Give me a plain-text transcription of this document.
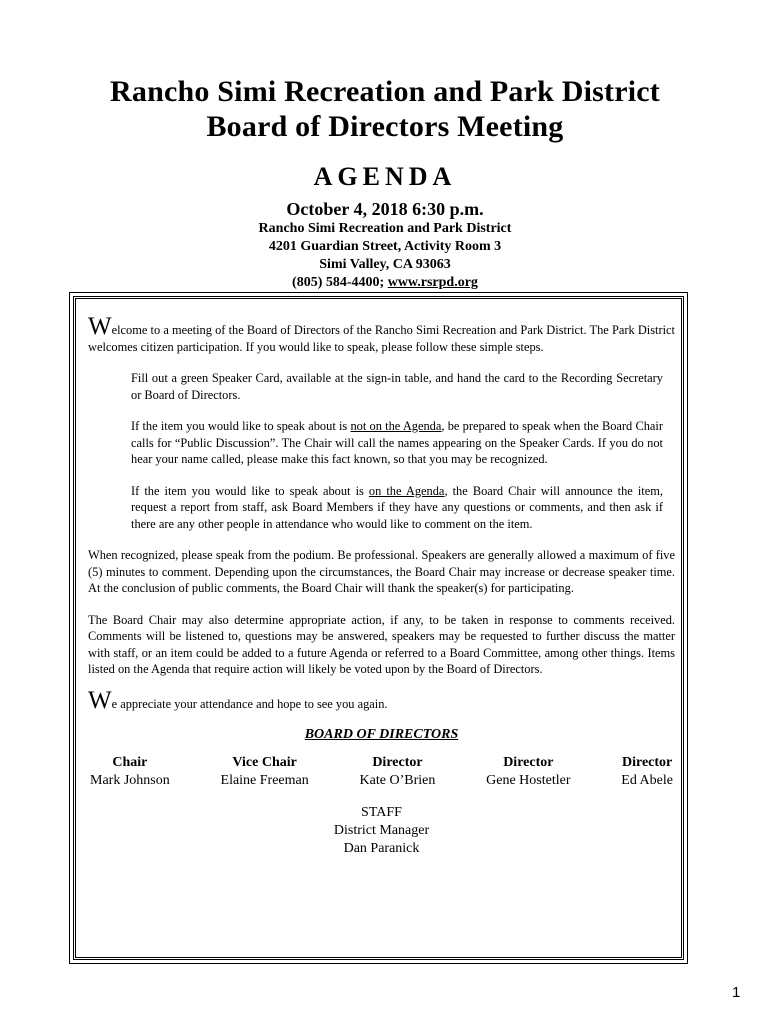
Rancho Simi Recreation and Park District
Board of Directors Meeting
AGENDA
October 4, 2018 6:30 p.m.
Rancho Simi Recreation and Park District
4201 Guardian Street, Activity Room 3
Simi Valley, CA 93063
(805) 584-4400; www.rsrpd.org

Welcome to a meeting of the Board of Directors of the Rancho Simi Recreation and Park District. The Park District welcomes citizen participation. If you would like to speak, please follow these simple steps.

Fill out a green Speaker Card, available at the sign-in table, and hand the card to the Recording Secretary or Board of Directors.

If the item you would like to speak about is not on the Agenda, be prepared to speak when the Board Chair calls for “Public Discussion”. The Chair will call the names appearing on the Speaker Cards. If you do not hear your name called, please make this fact known, so that you may be recognized.

If the item you would like to speak about is on the Agenda, the Board Chair will announce the item, request a report from staff, ask Board Members if they have any questions or comments, and then ask if there are any other people in attendance who would like to comment on the item.

When recognized, please speak from the podium. Be professional. Speakers are generally allowed a maximum of five (5) minutes to comment. Depending upon the circumstances, the Board Chair may increase or decrease speaker time. At the conclusion of public comments, the Board Chair will thank the speaker(s) for participating.

The Board Chair may also determine appropriate action, if any, to be taken in response to comments received. Comments will be listened to, questions may be answered, speakers may be requested to further discuss the matter with staff, or an item could be added to a future Agenda or referred to a Board Committee, among other things. Items listed on the Agenda that require action will likely be voted upon by the Board of Directors.

We appreciate your attendance and hope to see you again.

BOARD OF DIRECTORS
Chair
Mark Johnson
Vice Chair
Elaine Freeman
Director
Kate O’Brien
Director
Gene Hostetler
Director
Ed Abele
STAFF
District Manager
Dan Paranick
1
